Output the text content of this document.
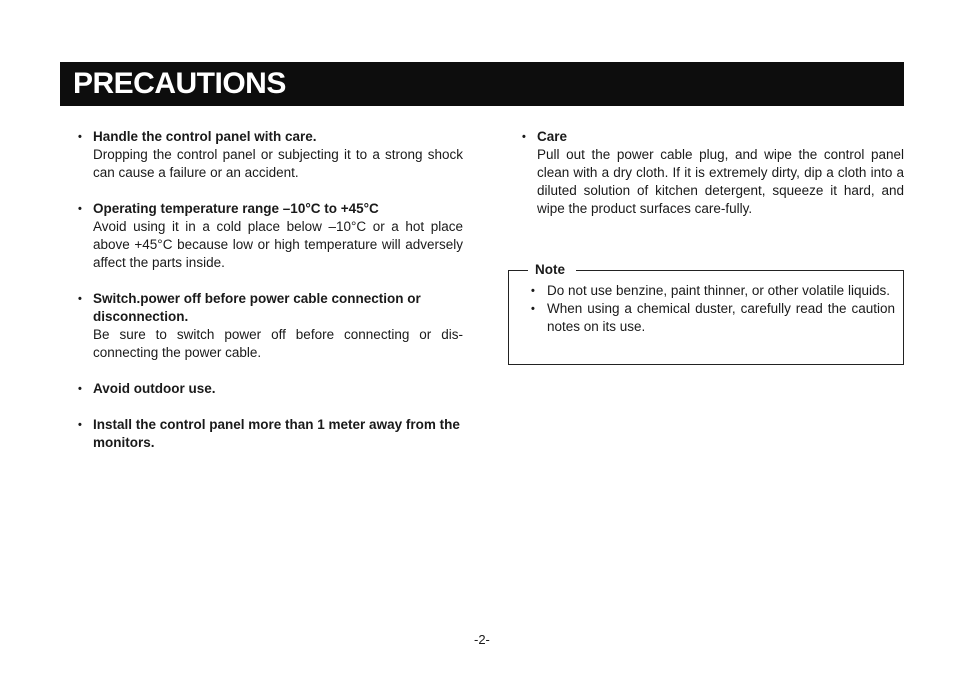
PRECAUTIONS
• Handle the control panel with care.
Dropping the control panel or subjecting it to a strong shock can cause a failure or an accident.
• Operating temperature range –10°C to +45°C
Avoid using it in a cold place below –10°C or a hot place above +45°C because low or high temperature will adversely affect the parts inside.
• Switch.power off before power cable connection or disconnection.
Be sure to switch power off before connecting or dis-connecting the power cable.
• Avoid outdoor use.
• Install the control panel more than 1 meter away from the monitors.
• Care
Pull out the power cable plug, and wipe the control panel clean with a dry cloth. If it is extremely dirty, dip a cloth into a diluted solution of kitchen detergent, squeeze it hard, and wipe the product surfaces care-fully.
Note
• Do not use benzine, paint thinner, or other volatile liquids.
• When using a chemical duster, carefully read the caution notes on its use.
-2-
